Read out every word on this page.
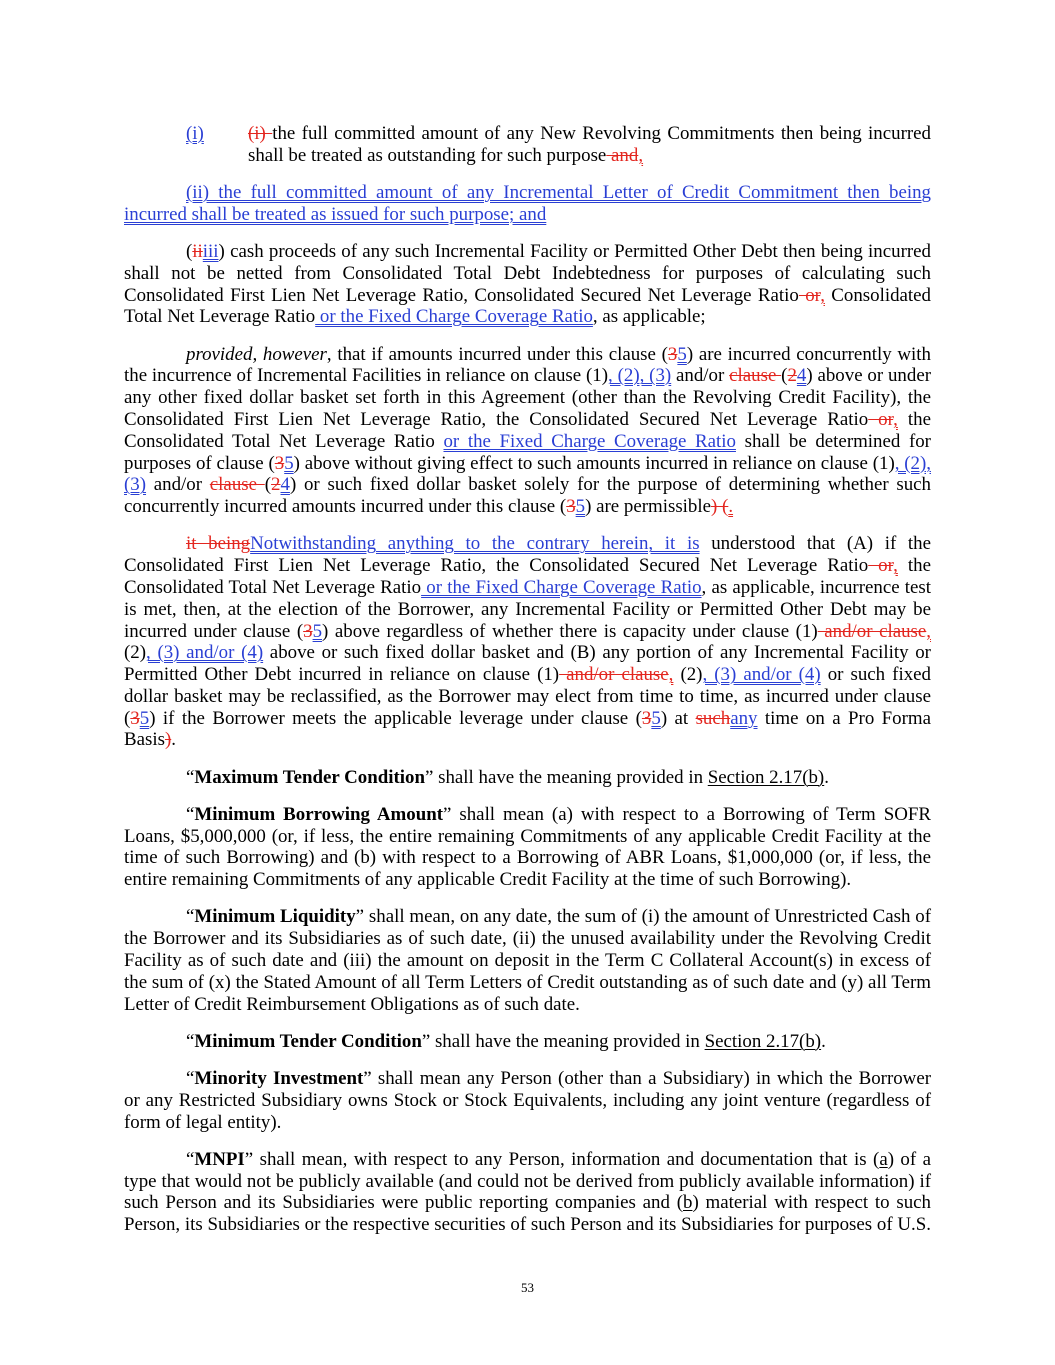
(i) (i) the full committed amount of any New Revolving Commitments then being incurred shall be treated as outstanding for such purpose and,

(ii) the full committed amount of any Incremental Letter of Credit Commitment then being incurred shall be treated as issued for such purpose; and

(iiiii) cash proceeds of any such Incremental Facility or Permitted Other Debt then being incurred shall not be netted from Consolidated Total Debt Indebtedness for purposes of calculating such Consolidated First Lien Net Leverage Ratio, Consolidated Secured Net Leverage Ratio or, Consolidated Total Net Leverage Ratio or the Fixed Charge Coverage Ratio, as applicable;

provided, however, that if amounts incurred under this clause (35) are incurred concurrently with the incurrence of Incremental Facilities in reliance on clause (1), (2), (3) and/or clause (24) above or under any other fixed dollar basket set forth in this Agreement (other than the Revolving Credit Facility), the Consolidated First Lien Net Leverage Ratio, the Consolidated Secured Net Leverage Ratio or, the Consolidated Total Net Leverage Ratio or the Fixed Charge Coverage Ratio shall be determined for purposes of clause (35) above without giving effect to such amounts incurred in reliance on clause (1), (2), (3) and/or clause (24) or such fixed dollar basket solely for the purpose of determining whether such concurrently incurred amounts incurred under this clause (35) are permissible) (.

it beingNotwithstanding anything to the contrary herein, it is understood that (A) if the Consolidated First Lien Net Leverage Ratio, the Consolidated Secured Net Leverage Ratio or, the Consolidated Total Net Leverage Ratio or the Fixed Charge Coverage Ratio, as applicable, incurrence test is met, then, at the election of the Borrower, any Incremental Facility or Permitted Other Debt may be incurred under clause (35) above regardless of whether there is capacity under clause (1) and/or clause, (2), (3) and/or (4) above or such fixed dollar basket and (B) any portion of any Incremental Facility or Permitted Other Debt incurred in reliance on clause (1) and/or clause, (2), (3) and/or (4) or such fixed dollar basket may be reclassified, as the Borrower may elect from time to time, as incurred under clause (35) if the Borrower meets the applicable leverage under clause (35) at suchany time on a Pro Forma Basis).

“Maximum Tender Condition” shall have the meaning provided in Section 2.17(b).

“Minimum Borrowing Amount” shall mean (a) with respect to a Borrowing of Term SOFR Loans, $5,000,000 (or, if less, the entire remaining Commitments of any applicable Credit Facility at the time of such Borrowing) and (b) with respect to a Borrowing of ABR Loans, $1,000,000 (or, if less, the entire remaining Commitments of any applicable Credit Facility at the time of such Borrowing).

“Minimum Liquidity” shall mean, on any date, the sum of (i) the amount of Unrestricted Cash of the Borrower and its Subsidiaries as of such date, (ii) the unused availability under the Revolving Credit Facility as of such date and (iii) the amount on deposit in the Term C Collateral Account(s) in excess of the sum of (x) the Stated Amount of all Term Letters of Credit outstanding as of such date and (y) all Term Letter of Credit Reimbursement Obligations as of such date.

“Minimum Tender Condition” shall have the meaning provided in Section 2.17(b).

“Minority Investment” shall mean any Person (other than a Subsidiary) in which the Borrower or any Restricted Subsidiary owns Stock or Stock Equivalents, including any joint venture (regardless of form of legal entity).

“MNPI” shall mean, with respect to any Person, information and documentation that is (a) of a type that would not be publicly available (and could not be derived from publicly available information) if such Person and its Subsidiaries were public reporting companies and (b) material with respect to such Person, its Subsidiaries or the respective securities of such Person and its Subsidiaries for purposes of U.S.

53
